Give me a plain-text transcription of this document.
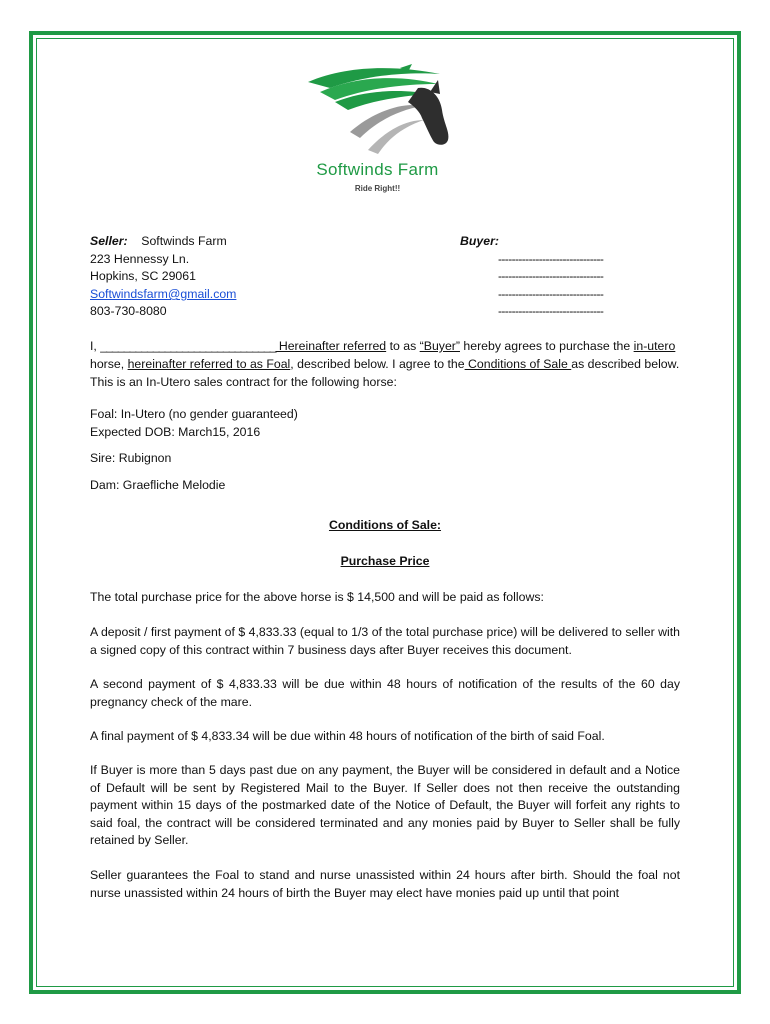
Softwinds Farm
Ride Right!!
Seller: Softwinds Farm
223 Hennessy Ln.
Hopkins, SC 29061
Softwindsfarm@gmail.com
803-730-8080
Buyer:
-------------------------------
-------------------------------
-------------------------------
-------------------------------
I, ______________________________ Hereinafter referred to as “Buyer” hereby agrees to purchase the in-utero horse, hereinafter referred to as Foal, described below. I agree to the Conditions of Sale as described below. This is an In-Utero sales contract for the following horse:
Foal: In-Utero (no gender guaranteed)
Expected DOB: March15, 2016
Sire: Rubignon
Dam: Graefliche Melodie
Conditions of Sale:
Purchase Price
The total purchase price for the above horse is $ 14,500 and will be paid as follows:
A deposit / first payment of $ 4,833.33 (equal to 1/3 of the total purchase price) will be delivered to seller with a signed copy of this contract within 7 business days after Buyer receives this document.
A second payment of $ 4,833.33 will be due within 48 hours of notification of the results of the 60 day pregnancy check of the mare.
A final payment of $ 4,833.34 will be due within 48 hours of notification of the birth of said Foal.
If Buyer is more than 5 days past due on any payment, the Buyer will be considered in default and a Notice of Default will be sent by Registered Mail to the Buyer. If Seller does not then receive the outstanding payment within 15 days of the postmarked date of the Notice of Default, the Buyer will forfeit any rights to said foal, the contract will be considered terminated and any monies paid by Buyer to Seller shall be fully retained by Seller.
Seller guarantees the Foal to stand and nurse unassisted within 24 hours after birth. Should the foal not nurse unassisted within 24 hours of birth the Buyer may elect have monies paid up until that point
